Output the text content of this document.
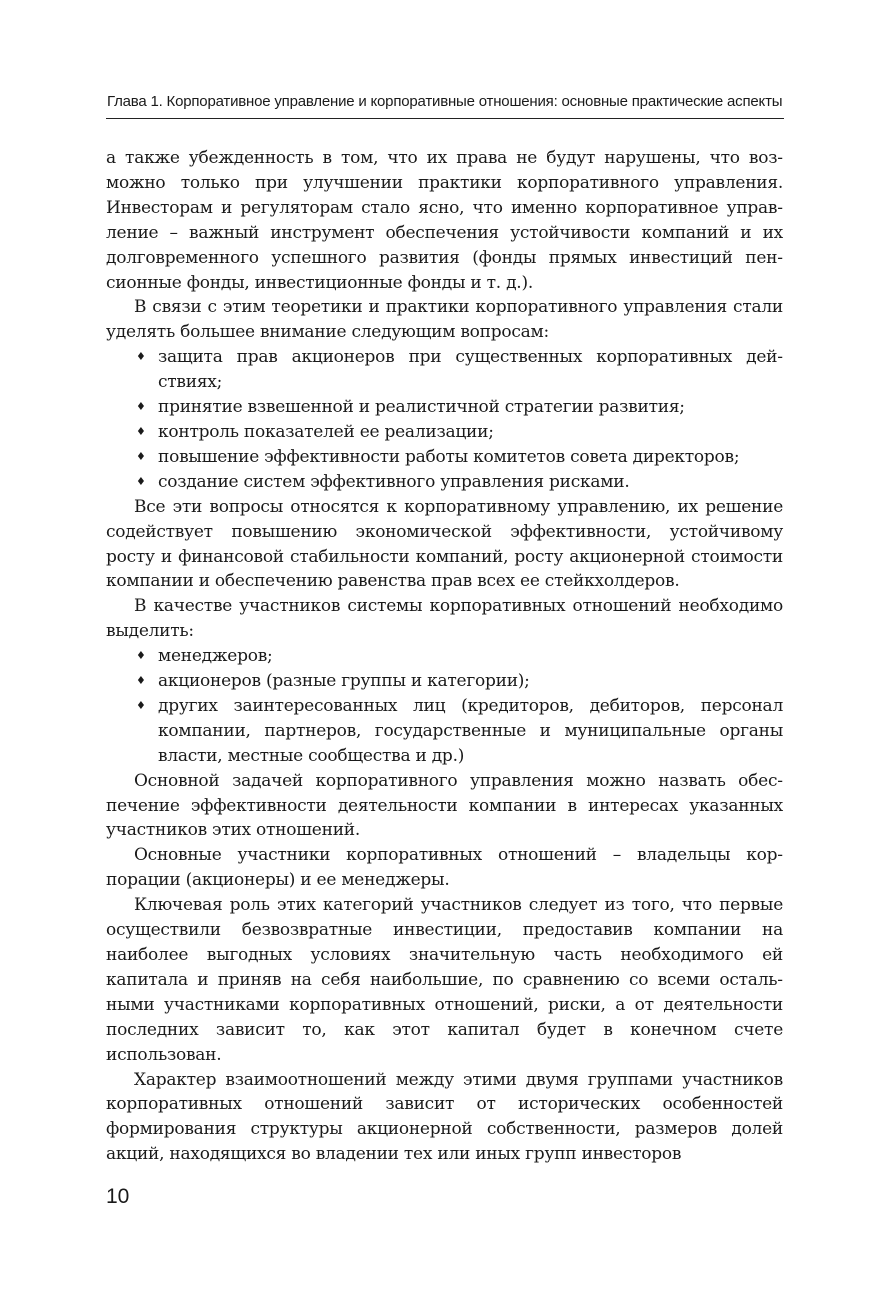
Глава 1. Корпоративное управление и корпоративные отношения: основные практические аспекты

а также убежденность в том, что их права не будут нарушены, что возможно только при улучшении практики корпоративного управления. Инвесторам и регуляторам стало ясно, что именно корпоративное управление – важный инструмент обеспечения устойчивости компаний и их долговременного успешного развития (фонды прямых инвестиций пенсионные фонды, инвестиционные фонды и т. д.).

В связи с этим теоретики и практики корпоративного управления стали уделять большее внимание следующим вопросам:

♦ защита прав акционеров при существенных корпоративных действиях;
♦ принятие взвешенной и реалистичной стратегии развития;
♦ контроль показателей ее реализации;
♦ повышение эффективности работы комитетов совета директоров;
♦ создание систем эффективного управления рисками.

Все эти вопросы относятся к корпоративному управлению, их решение содействует повышению экономической эффективности, устойчивому росту и финансовой стабильности компаний, росту акционерной стоимости компании и обеспечению равенства прав всех ее стейкхолдеров.

В качестве участников системы корпоративных отношений необходимо выделить:

♦ менеджеров;
♦ акционеров (разные группы и категории);
♦ других заинтересованных лиц (кредиторов, дебиторов, персонал компании, партнеров, государственные и муниципальные органы власти, местные сообщества и др.)

Основной задачей корпоративного управления можно назвать обеспечение эффективности деятельности компании в интересах указанных участников этих отношений.

Основные участники корпоративных отношений – владельцы корпорации (акционеры) и ее менеджеры.

Ключевая роль этих категорий участников следует из того, что первые осуществили безвозвратные инвестиции, предоставив компании на наиболее выгодных условиях значительную часть необходимого ей капитала и приняв на себя наибольшие, по сравнению со всеми остальными участниками корпоративных отношений, риски, а от деятельности последних зависит то, как этот капитал будет в конечном счете использован.

Характер взаимоотношений между этими двумя группами участников корпоративных отношений зависит от исторических особенностей формирования структуры акционерной собственности, размеров долей акций, находящихся во владении тех или иных групп инвесторов

10
